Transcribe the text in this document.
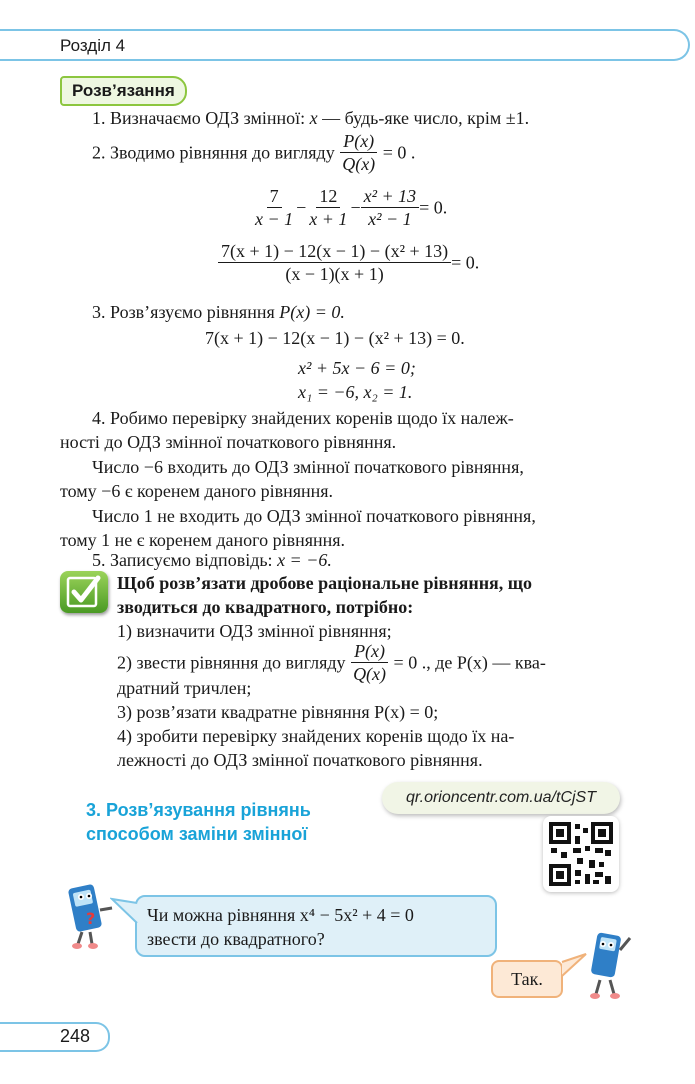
Розділ 4
Розв’язання
1. Визначаємо ОДЗ змінної: x — будь-яке число, крім ±1.
2. Зводимо рівняння до вигляду $\frac{P(x)}{Q(x)} = 0$ .
$\frac{7}{x - 1} - \frac{12}{x + 1} - \frac{\text{x² + 13}}{\text{x² − 1}} = 0$.
$\frac{\text{7(x + 1) − 12(x − 1) − (x² + 13)}}{(x - 1)(x + 1)} = 0$.
3. Розв’язуємо рівняння P(x) = 0.
7(x + 1) − 12(x − 1) − (x² + 13) = 0.
x² + 5x − 6 = 0;
x₁ = −6, x₂ = 1.
4. Робимо перевірку знайдених коренів щодо їх належ-
ності до ОДЗ змінної початкового рівняння.
Число −6 входить до ОДЗ змінної початкового рівняння,
тому −6 є коренем даного рівняння.
Число 1 не входить до ОДЗ змінної початкового рівняння,
тому 1 не є коренем даного рівняння.
5. Записуємо відповідь: x = −6.
Щоб розв’язати дробове раціональне рівняння, що
зводиться до квадратного, потрібно:
1) визначити ОДЗ змінної рівняння;
2) звести рівняння до вигляду $\frac{P(x)}{Q(x)} = 0$ ., де P(x) — ква-
дратний тричлен;
3) розв’язати квадратне рівняння P(x) = 0;
4) зробити перевірку знайдених коренів щодо їх на-
лежності до ОДЗ змінної початкового рівняння.
3. Розв’язування рівнянь
способом заміни змінної
qr.orioncentr.com.ua/tCjST
?	Чи можна рівняння x⁴ − 5x² + 4 = 0
звести до квадратного?
Так.
248
